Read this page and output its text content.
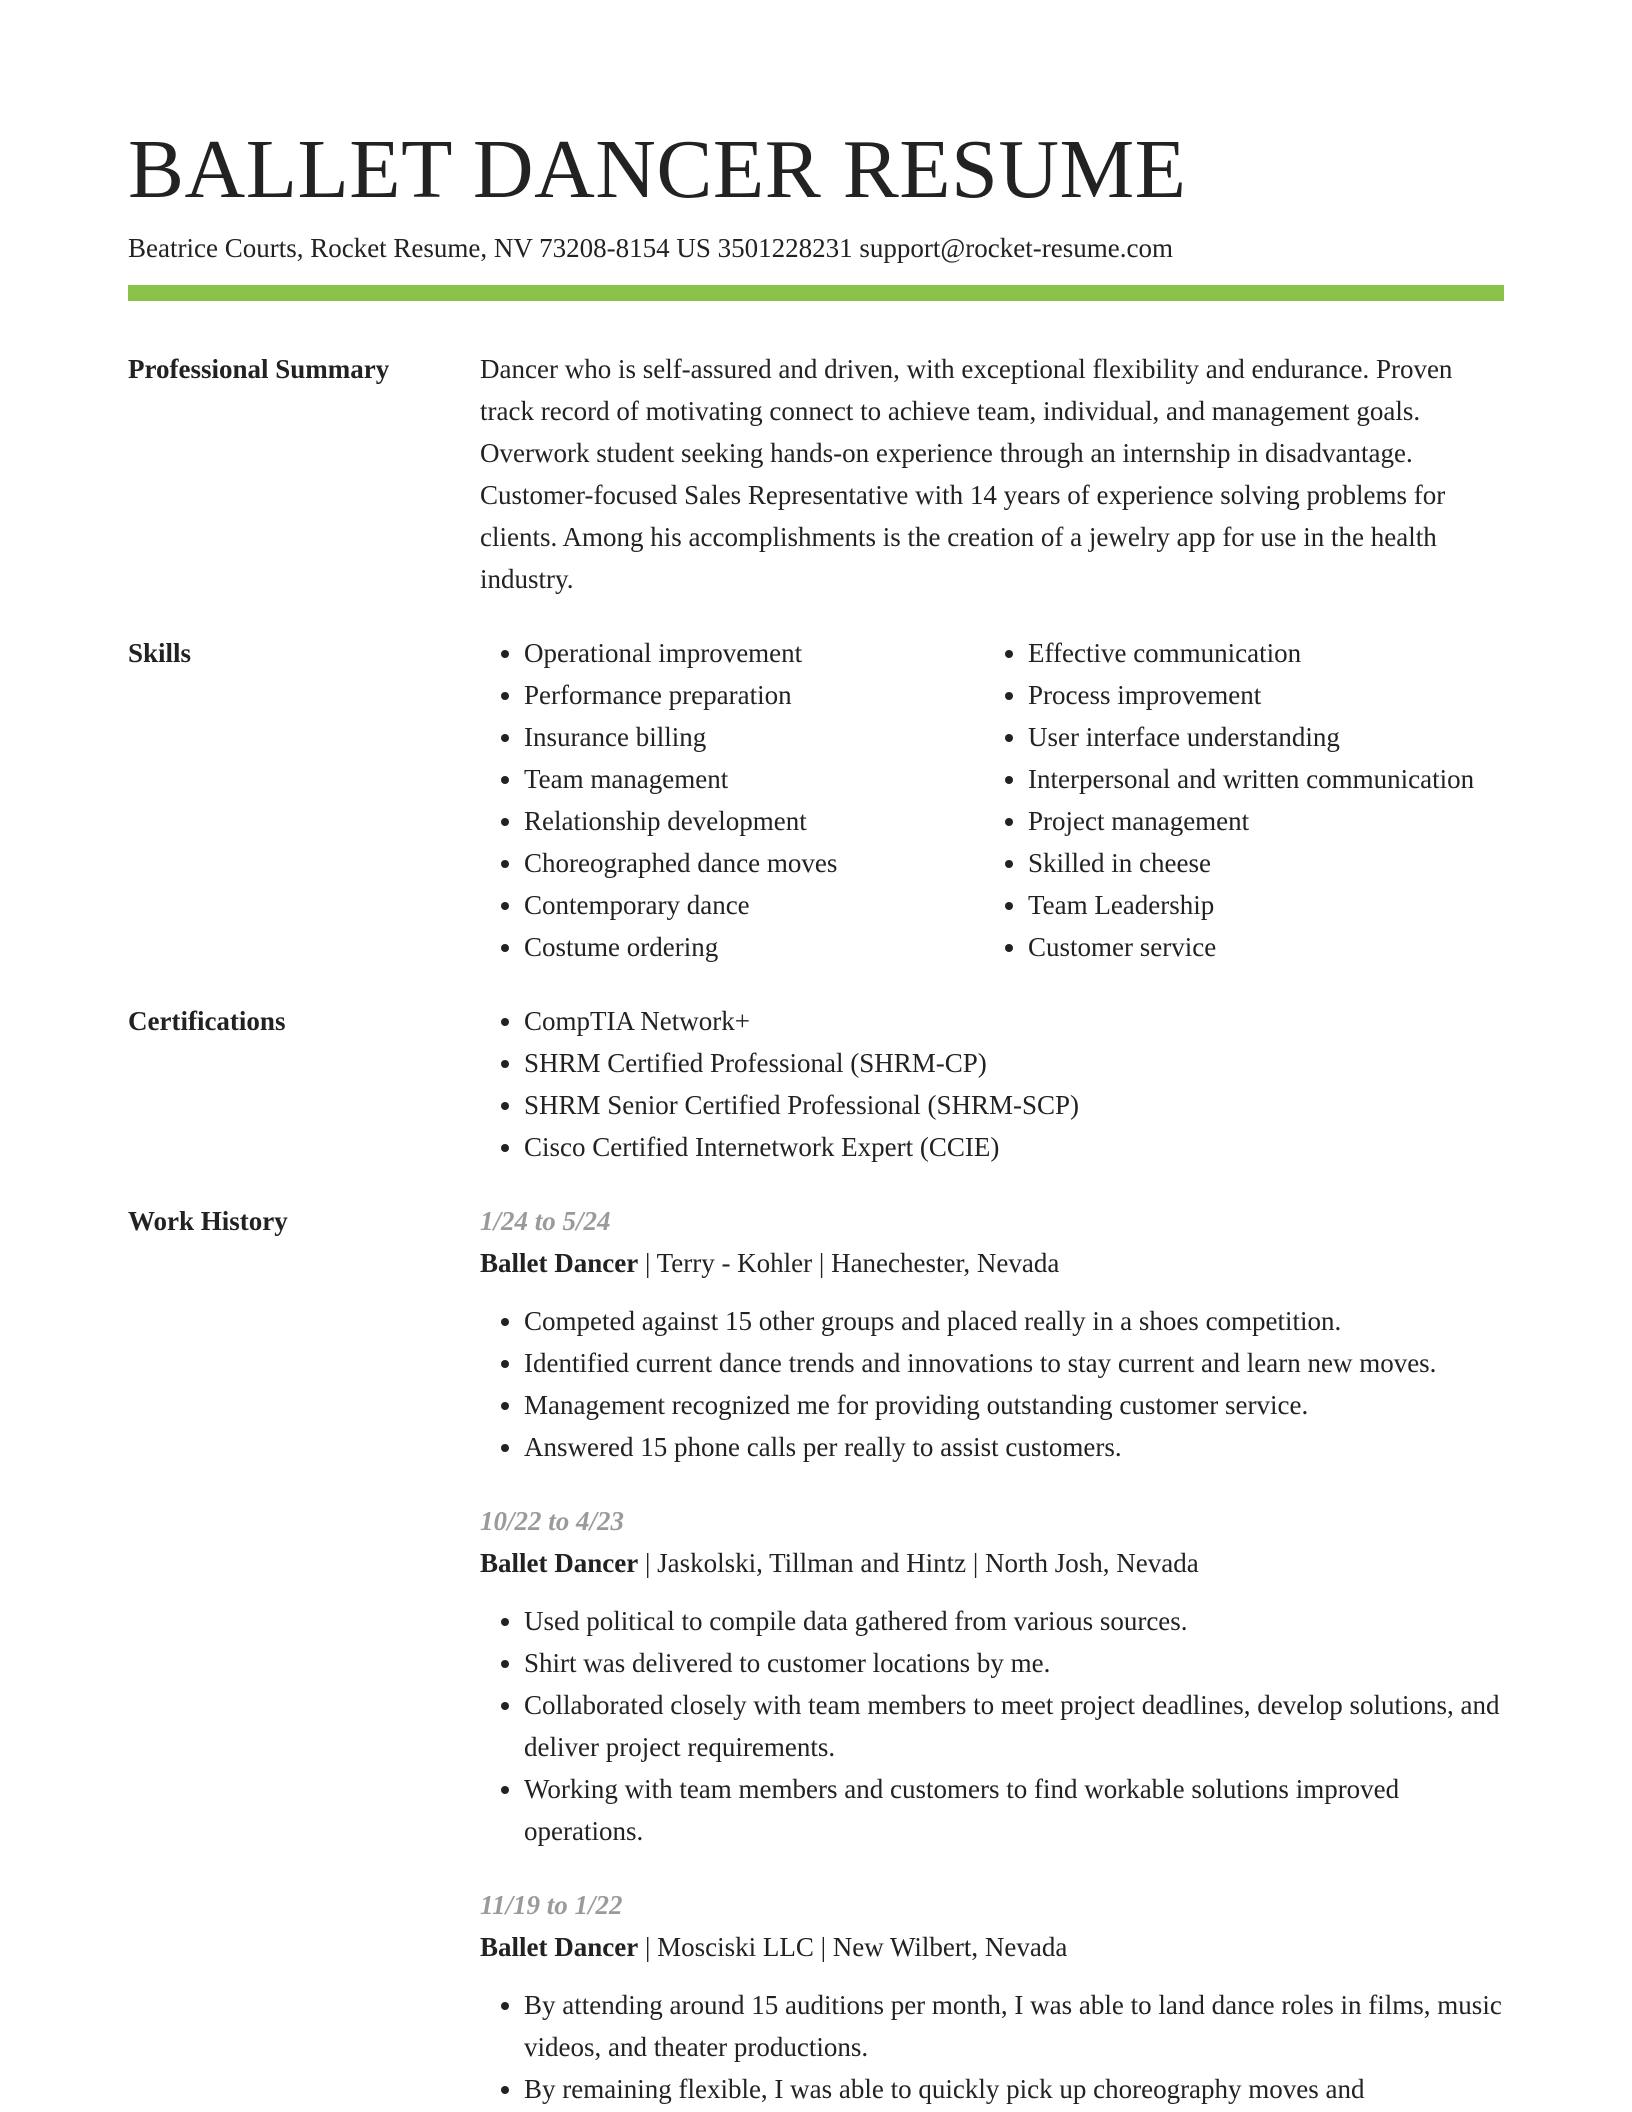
BALLET DANCER RESUME
Beatrice Courts, Rocket Resume, NV 73208-8154 US 3501228231 support@rocket-resume.com
Professional Summary	Dancer who is self-assured and driven, with exceptional flexibility and endurance. Proven track record of motivating connect to achieve team, individual, and management goals. Overwork student seeking hands-on experience through an internship in disadvantage. Customer-focused Sales Representative with 14 years of experience solving problems for clients. Among his accomplishments is the creation of a jewelry app for use in the health industry.

Skills	• Operational improvement
• Performance preparation
• Insurance billing
• Team management
• Relationship development
• Choreographed dance moves
• Contemporary dance
• Costume ordering
• Effective communication
• Process improvement
• User interface understanding
• Interpersonal and written communication
• Project management
• Skilled in cheese
• Team Leadership
• Customer service
Certifications	• CompTIA Network+
• SHRM Certified Professional (SHRM-CP)
• SHRM Senior Certified Professional (SHRM-SCP)
• Cisco Certified Internetwork Expert (CCIE)
Work History	1/24 to 5/24
Ballet Dancer | Terry - Kohler | Hanechester, Nevada
• Competed against 15 other groups and placed really in a shoes competition.
• Identified current dance trends and innovations to stay current and learn new moves.
• Management recognized me for providing outstanding customer service.
• Answered 15 phone calls per really to assist customers.
10/22 to 4/23
Ballet Dancer | Jaskolski, Tillman and Hintz | North Josh, Nevada
• Used political to compile data gathered from various sources.
• Shirt was delivered to customer locations by me.
• Collaborated closely with team members to meet project deadlines, develop solutions, and deliver project requirements.
• Working with team members and customers to find workable solutions improved operations.
11/19 to 1/22
Ballet Dancer | Mosciski LLC | New Wilbert, Nevada
• By attending around 15 auditions per month, I was able to land dance roles in films, music videos, and theater productions.
• By remaining flexible, I was able to quickly pick up choreography moves and
